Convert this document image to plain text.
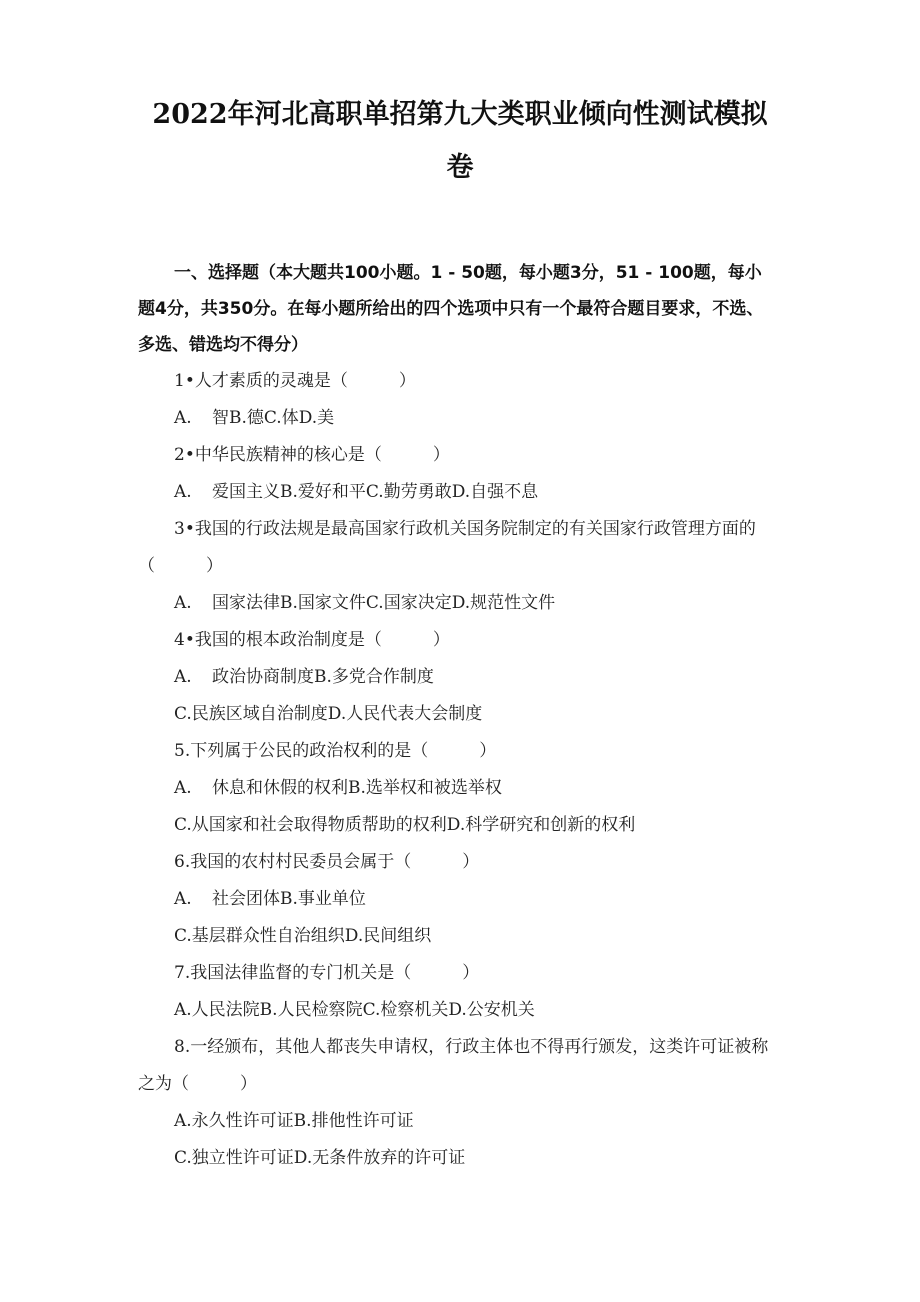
2022年河北高职单招第九大类职业倾向性测试模拟
卷

一、选择题（本大题共100小题。1 - 50题，每小题3分，51 - 100题，每小题4分，共350分。在每小题所给出的四个选项中只有一个最符合题目要求，不选、多选、错选均不得分）

1•人才素质的灵魂是（　　　）

A. 智B.德C.体D.美

2•中华民族精神的核心是（　　　）

A. 爱国主义B.爱好和平C.勤劳勇敢D.自强不息

3•我国的行政法规是最高国家行政机关国务院制定的有关国家行政管理方面的（　　　）

A. 国家法律B.国家文件C.国家决定D.规范性文件

4•我国的根本政治制度是（　　　）

A. 政治协商制度B.多党合作制度

C.民族区域自治制度D.人民代表大会制度

5.下列属于公民的政治权利的是（　　　）

A. 休息和休假的权利B.选举权和被选举权

C.从国家和社会取得物质帮助的权利D.科学研究和创新的权利

6.我国的农村村民委员会属于（　　　）

A. 社会团体B.事业单位

C.基层群众性自治组织D.民间组织

7.我国法律监督的专门机关是（　　　）

A.人民法院B.人民检察院C.检察机关D.公安机关

8.一经颁布，其他人都丧失申请权，行政主体也不得再行颁发，这类许可证被称之为（　　　）

A.永久性许可证B.排他性许可证

C.独立性许可证D.无条件放弃的许可证
